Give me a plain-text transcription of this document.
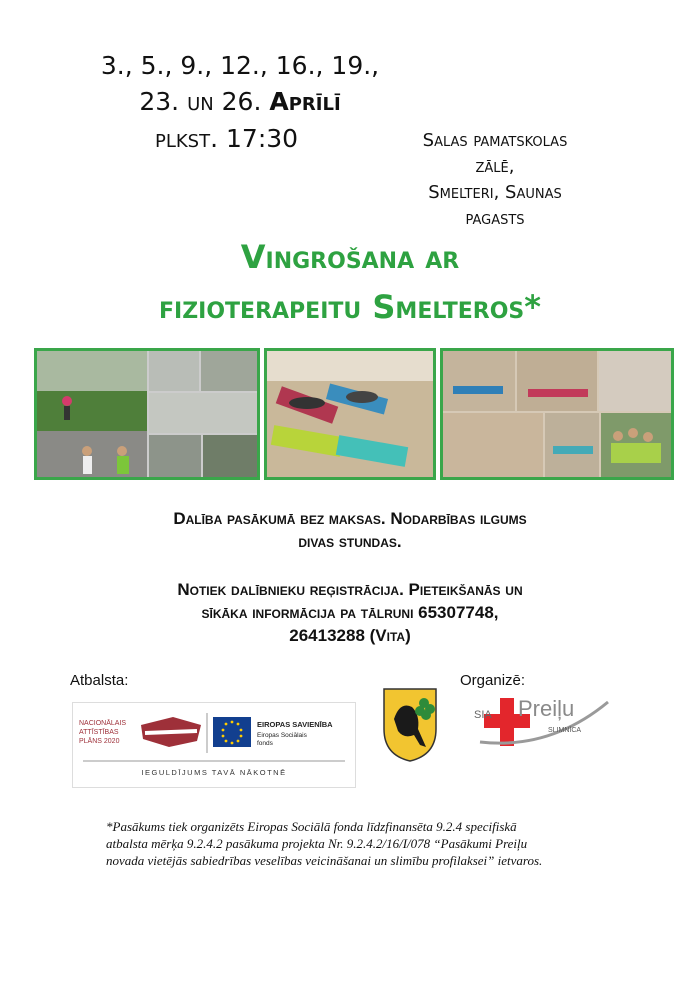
3., 5., 9., 12., 16., 19.,
23. un 26. Aprīlī
plkst. 17:30	Salas pamatskolas
zālē,
Smelteri, Saunas
pagasts
Vingrošana ar
fizioterapeitu Smelteros*
Dalība pasākumā bez maksas. Nodarbības ilgums
divas stundas.
Notiek dalībnieku reģistrācija. Pieteikšanās un
sīkāka informācija pa tālruni 65307748,
26413288 (Vita)
Atbalsta:	Organizē:
NACIONĀLAIS
ATTĪSTĪBAS
PLĀNS 2020
EIROPAS SAVIENĪBA
Eiropas Sociālais
fonds
IEGULDĪJUMS TAVĀ NĀKOTNĒ
SIA Preiļu
SLIMNĪCA
*Pasākums tiek organizēts Eiropas Sociālā fonda līdzfinansēta 9.2.4 specifiskā
atbalsta mērķa 9.2.4.2 pasākuma projekta Nr. 9.2.4.2/16/I/078 “Pasākumi Preiļu
novada vietējās sabiedrības veselības veicināšanai un slimību profilaksei” ietvaros.
